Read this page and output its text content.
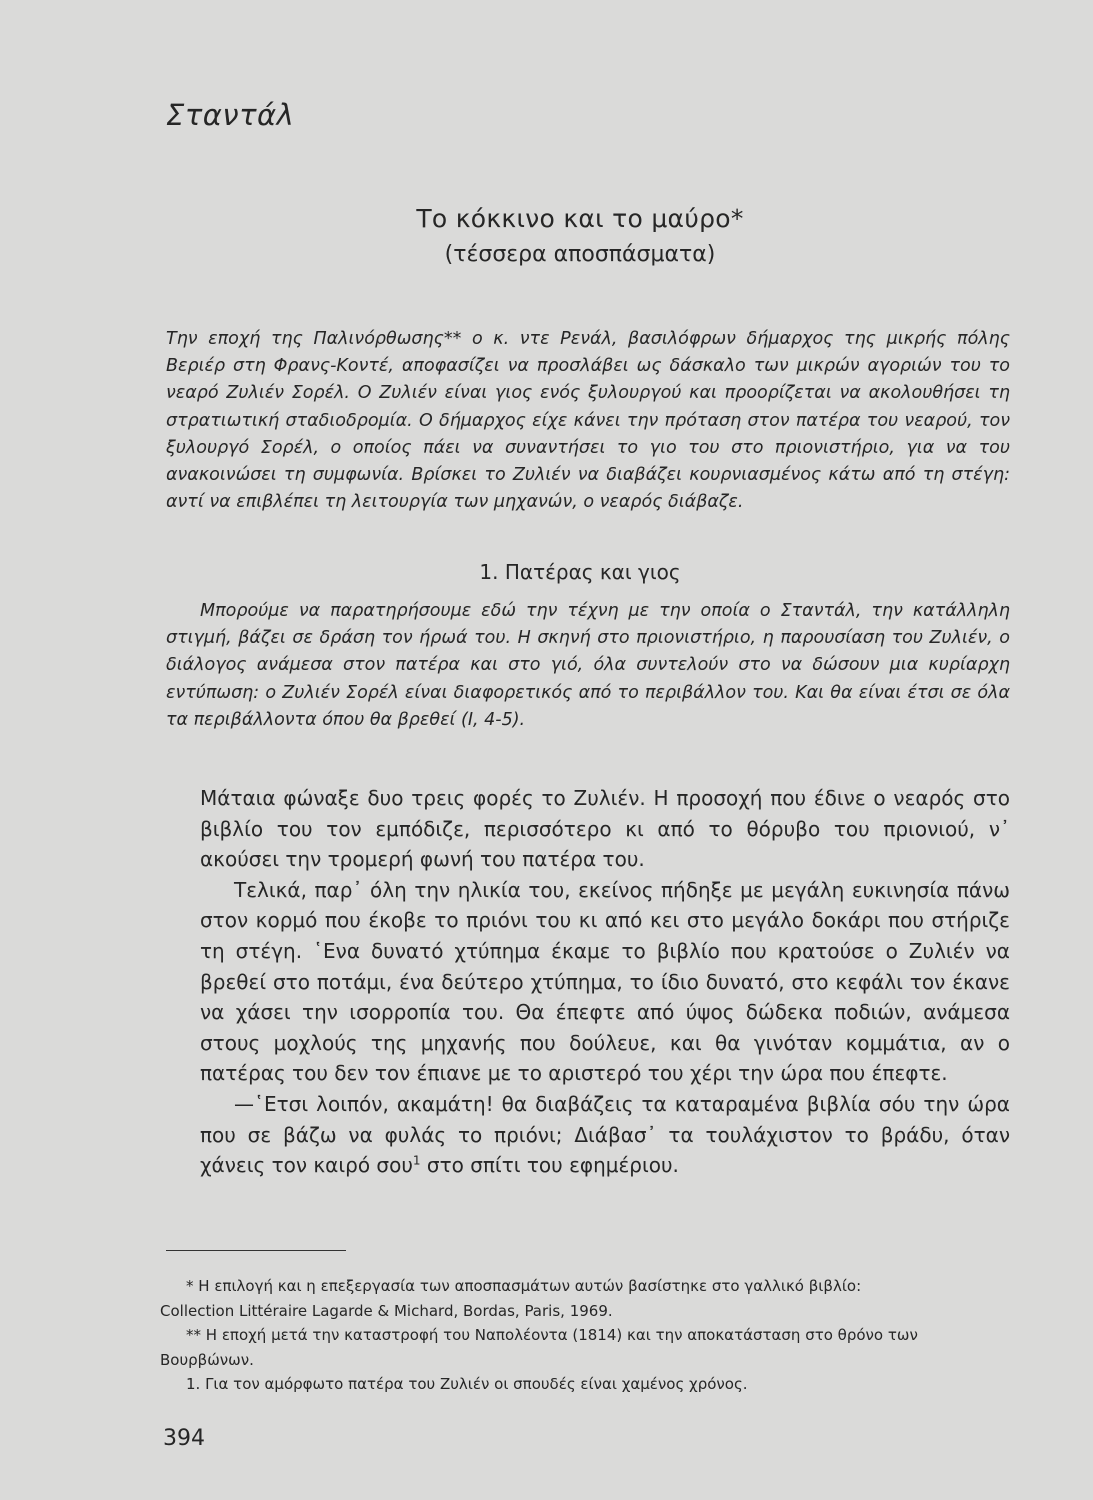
Σταντάλ
Το κόκκινο και το μαύρο*
(τέσσερα αποσπάσματα)

Την εποχή της Παλινόρθωσης** ο κ. ντε Ρενάλ, βασιλόφρων δήμαρχος της μικρής πόλης Βεριέρ στη Φρανς-Κοντέ, αποφασίζει να προσλάβει ως δάσκαλο των μικρών αγοριών του το νεαρό Ζυλιέν Σορέλ. Ο Ζυλιέν είναι γιος ενός ξυλουργού και προορίζεται να ακολουθήσει τη στρατιωτική σταδιοδρομία. Ο δήμαρχος είχε κάνει την πρόταση στον πατέρα του νεαρού, τον ξυλουργό Σορέλ, ο οποίος πάει να συναντήσει το γιο του στο πριονιστήριο, για να του ανακοινώσει τη συμφωνία. Βρίσκει το Ζυλιέν να διαβάζει κουρνιασμένος κάτω από τη στέγη: αντί να επιβλέπει τη λειτουργία των μηχανών, ο νεαρός διάβαζε.

1. Πατέρας και γιος

Μπορούμε να παρατηρήσουμε εδώ την τέχνη με την οποία ο Σταντάλ, την κατάλληλη στιγμή, βάζει σε δράση τον ήρωά του. Η σκηνή στο πριονιστήριο, η παρουσίαση του Ζυλιέν, ο διάλογος ανάμεσα στον πατέρα και στο γιό, όλα συντελούν στο να δώσουν μια κυρίαρχη εντύπωση: ο Ζυλιέν Σορέλ είναι διαφορετικός από το περιβάλλον του. Και θα είναι έτσι σε όλα τα περιβάλλοντα όπου θα βρεθεί (I, 4-5).

Μάταια φώναξε δυο τρεις φορές το Ζυλιέν. Η προσοχή που έδινε ο νεαρός στο βιβλίο του τον εμπόδιζε, περισσότερο κι από το θόρυβο του πριονιού, ν᾿ ακούσει την τρομερή φωνή του πατέρα του.

Τελικά, παρ᾿ όλη την ηλικία του, εκείνος πήδηξε με μεγάλη ευκινησία πάνω στον κορμό που έκοβε το πριόνι του κι από κει στο μεγάλο δοκάρι που στήριζε τη στέγη. ῾Ενα δυνατό χτύπημα έκαμε το βιβλίο που κρατούσε ο Ζυλιέν να βρεθεί στο ποτάμι, ένα δεύτερο χτύπημα, το ίδιο δυνατό, στο κεφάλι τον έκανε να χάσει την ισορροπία του. Θα έπεφτε από ύψος δώδεκα ποδιών, ανάμεσα στους μοχλούς της μηχανής που δούλευε, και θα γινόταν κομμάτια, αν ο πατέρας του δεν τον έπιανε με το αριστερό του χέρι την ώρα που έπεφτε.

—῾Ετσι λοιπόν, ακαμάτη! θα διαβάζεις τα καταραμένα βιβλία σόυ την ώρα που σε βάζω να φυλάς το πριόνι; Διάβασ᾿ τα τουλάχιστον το βράδυ, όταν χάνεις τον καιρό σου$^1$ στο σπίτι του εφημέριου.

* Η επιλογή και η επεξεργασία των αποσπασμάτων αυτών βασίστηκε στο γαλλικό βιβλίο:

Collection Littéraire Lagarde & Michard, Bordas, Paris, 1969.

** Η εποχή μετά την καταστροφή του Ναπολέοντα (1814) και την αποκατάσταση στο θρόνο των Βουρβώνων.

1. Για τον αμόρφωτο πατέρα του Ζυλιέν οι σπουδές είναι χαμένος χρόνος.

394
